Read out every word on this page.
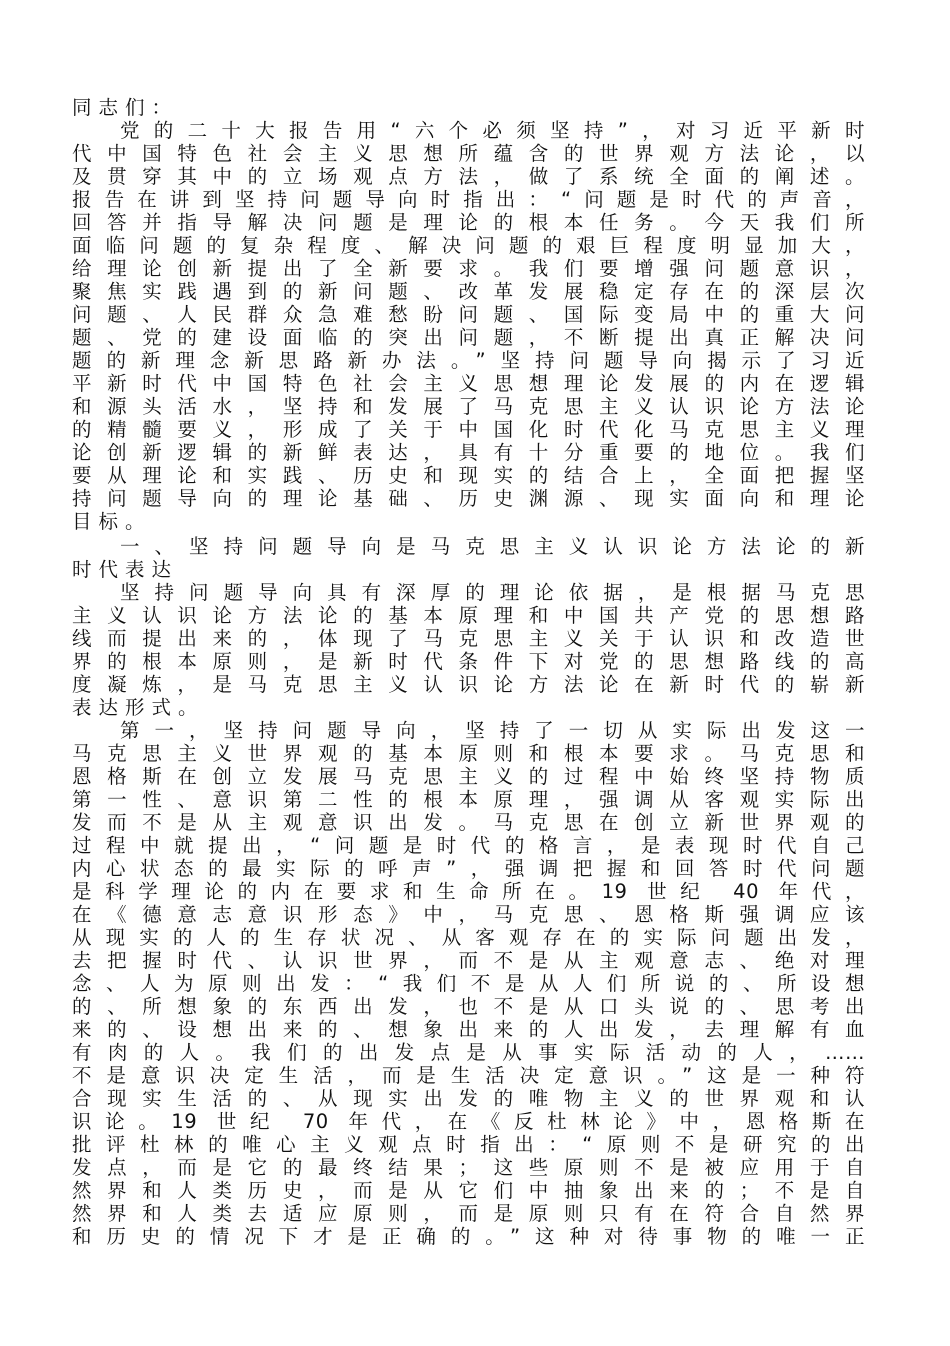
同志们：
党的二十大报告用“六个必须坚持”，对习近平新时
代中国特色社会主义思想所蕴含的世界观方法论，以
及贯穿其中的立场观点方法，做了系统全面的阐述。
报告在讲到坚持问题导向时指出：“问题是时代的声音，
回答并指导解决问题是理论的根本任务。今天我们所
面临问题的复杂程度、解决问题的艰巨程度明显加大，
给理论创新提出了全新要求。我们要增强问题意识，
聚焦实践遇到的新问题、改革发展稳定存在的深层次
问题、人民群众急难愁盼问题、国际变局中的重大问
题、党的建设面临的突出问题，不断提出真正解决问
题的新理念新思路新办法。”坚持问题导向揭示了习近
平新时代中国特色社会主义思想理论发展的内在逻辑
和源头活水，坚持和发展了马克思主义认识论方法论
的精髓要义，形成了关于中国化时代化马克思主义理
论创新逻辑的新鲜表达，具有十分重要的地位。我们
要从理论和实践、历史和现实的结合上，全面把握坚
持问题导向的理论基础、历史渊源、现实面向和理论
目标。
一、坚持问题导向是马克思主义认识论方法论的新
时代表达
坚持问题导向具有深厚的理论依据，是根据马克思
主义认识论方法论的基本原理和中国共产党的思想路
线而提出来的，体现了马克思主义关于认识和改造世
界的根本原则，是新时代条件下对党的思想路线的高
度凝炼，是马克思主义认识论方法论在新时代的崭新
表达形式。
第一，坚持问题导向，坚持了一切从实际出发这一
马克思主义世界观的基本原则和根本要求。马克思和
恩格斯在创立发展马克思主义的过程中始终坚持物质
第一性、意识第二性的根本原理，强调从客观实际出
发而不是从主观意识出发。马克思在创立新世界观的
过程中就提出，“问题是时代的格言，是表现时代自己
内心状态的最实际的呼声”，强调把握和回答时代问题
是科学理论的内在要求和生命所在。19 世纪 40 年代，
在《德意志意识形态》中，马克思、恩格斯强调应该
从现实的人的生存状况、从客观存在的实际问题出发，
去把握时代、认识世界，而不是从主观意志、绝对理
念、人为原则出发：“我们不是从人们所说的、所设想
的、所想象的东西出发，也不是从口头说的、思考出
来的、设想出来的、想象出来的人出发，去理解有血
有肉的人。我们的出发点是从事实际活动的人，……
不是意识决定生活，而是生活决定意识。”这是一种符
合现实生活的、从现实出发的唯物主义的世界观和认
识论。19 世纪 70 年代，在《反杜林论》中，恩格斯在
批评杜林的唯心主义观点时指出：“原则不是研究的出
发点，而是它的最终结果；这些原则不是被应用于自
然界和人类历史，而是从它们中抽象出来的；不是自
然界和人类去适应原则，而是原则只有在符合自然界
和历史的情况下才是正确的。”这种对待事物的唯一正
